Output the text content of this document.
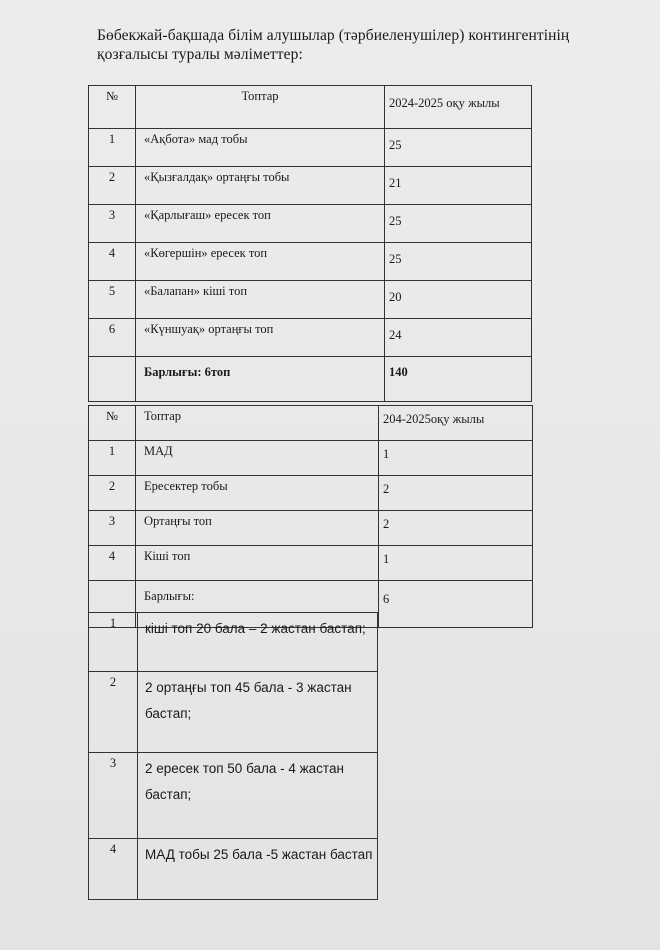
Бөбекжай-бақшада білім алушылар (тәрбиеленушілер) контингентінің қозғалысы туралы мәліметтер:
№	Топтар	2024-2025 оқу жылы
1	«Ақбота» мад тобы	25
2	«Қызғалдақ» ортаңғы тобы	21
3	«Қарлығаш» ересек топ	25
4	«Көгершін» ересек топ	25
5	«Балапан» кіші топ	20
6	«Күншуақ» ортаңғы топ	24
	Барлығы: 6топ	140
№	Топтар	204-2025оқу жылы
1	МАД	1
2	Ересектер тобы	2
3	Ортаңғы топ	2
4	Кіші топ	1
	Барлығы:	6
1	кіші топ 20 бала – 2 жастан бастап;
2	2 ортаңғы топ 45 бала - 3 жастан бастап;
3	2 ересек топ 50 бала - 4 жастан бастап;
4	МАД тобы 25 бала -5 жастан бастап
